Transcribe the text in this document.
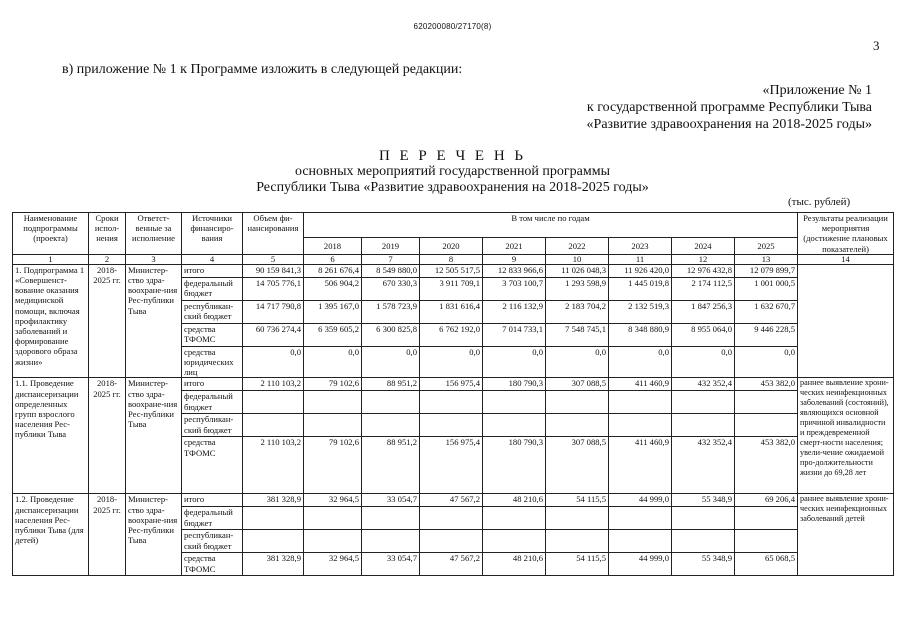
620200080/27170(8)
3
в) приложение № 1 к Программе изложить в следующей редакции:
«Приложение № 1
к государственной программе Республики Тыва
«Развитие здравоохранения на 2018-2025 годы»
П Е Р Е Ч Е Н Ь
основных мероприятий государственной программы
Республики Тыва «Развитие здравоохранения на 2018-2025 годы»
(тыс. рублей)
Наименование подпрограммы (проекта)	Сроки испол-нения	Ответст-венные за исполнение	Источники финансиро-вания	Объем фи-нансирования	В том числе по годам								Результаты реализации мероприятия (достижение плановых показателей)
					2018	2019	2020	2021	2022	2023	2024	2025	
1	2	3	4	5	6	7	8	9	10	11	12	13	14
1. Подпрограмма 1 «Совершенст-вование оказания медицинской помощи, включая профилактику заболеваний и формирование здорового образа жизни»	2018-2025 гг.	Министер-ство здра-воохране-ния Рес-публики Тыва	итого	90 159 841,3	8 261 676,4	8 549 880,0	12 505 517,5	12 833 966,6	11 026 048,3	11 926 420,0	12 976 432,8	12 079 899,7	
			федеральный бюджет	14 705 776,1	506 904,2	670 330,3	3 911 709,1	3 703 100,7	1 293 598,9	1 445 019,8	2 174 112,5	1 001 000,5	
			республикан-ский бюджет	14 717 790,8	1 395 167,0	1 578 723,9	1 831 616,4	2 116 132,9	2 183 704,2	2 132 519,3	1 847 256,3	1 632 670,7	
			средства ТФОМС	60 736 274,4	6 359 605,2	6 300 825,8	6 762 192,0	7 014 733,1	7 548 745,1	8 348 880,9	8 955 064,0	9 446 228,5	
			средства юридических лиц	0,0	0,0	0,0	0,0	0,0	0,0	0,0	0,0	0,0	
1.1. Проведение диспансеризации определенных групп взрослого населения Рес-публики Тыва	2018-2025 гг.	Министер-ство здра-воохране-ния Рес-публики Тыва	итого	2 110 103,2	79 102,6	88 951,2	156 975,4	180 790,3	307 088,5	411 460,9	432 352,4	453 382,0	раннее выявление хрони-ческих неинфекционных заболеваний (состояний), являющихся основной причиной инвалидности и преждевременной смерт-ности населения; увели-чение ожидаемой про-должительности жизни до 69,28 лет
			федеральный бюджет										
			республикан-ский бюджет										
			средства ТФОМС	2 110 103,2	79 102,6	88 951,2	156 975,4	180 790,3	307 088,5	411 460,9	432 352,4	453 382,0	
1.2. Проведение диспансеризации населения Рес-публики Тыва (для детей)	2018-2025 гг.	Министер-ство здра-воохране-ния Рес-публики Тыва	итого	381 328,9	32 964,5	33 054,7	47 567,2	48 210,6	54 115,5	44 999,0	55 348,9	69 206,4	раннее выявление хрони-ческих неинфекционных заболеваний детей
			федеральный бюджет										
			республикан-ский бюджет										
			средства ТФОМС	381 328,9	32 964,5	33 054,7	47 567,2	48 210,6	54 115,5	44 999,0	55 348,9	65 068,5	
